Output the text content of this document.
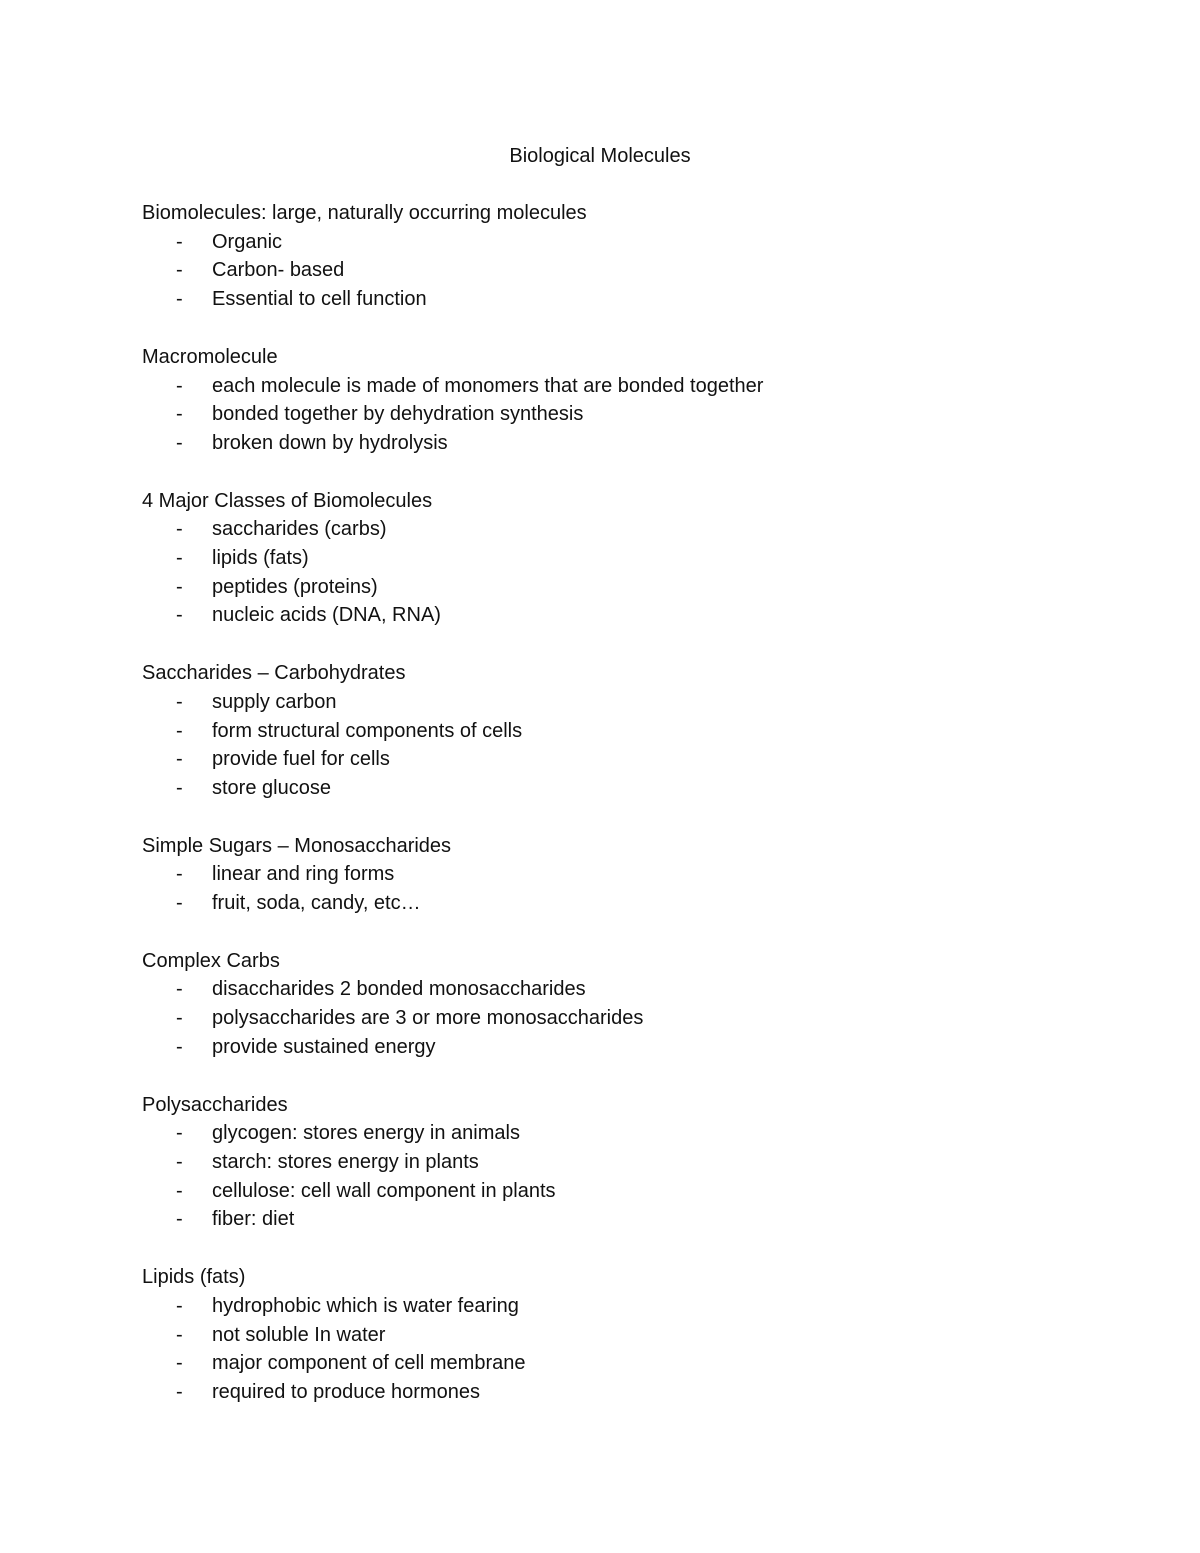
Biological Molecules
Biomolecules: large, naturally occurring molecules
- Organic
- Carbon- based
- Essential to cell function
Macromolecule
- each molecule is made of monomers that are bonded together
- bonded together by dehydration synthesis
- broken down by hydrolysis
4 Major Classes of Biomolecules
- saccharides (carbs)
- lipids (fats)
- peptides (proteins)
- nucleic acids (DNA, RNA)
Saccharides – Carbohydrates
- supply carbon
- form structural components of cells
- provide fuel for cells
- store glucose
Simple Sugars – Monosaccharides
- linear and ring forms
- fruit, soda, candy, etc…
Complex Carbs
- disaccharides 2 bonded monosaccharides
- polysaccharides are 3 or more monosaccharides
- provide sustained energy
Polysaccharides
- glycogen: stores energy in animals
- starch: stores energy in plants
- cellulose: cell wall component in plants
- fiber: diet
Lipids (fats)
- hydrophobic which is water fearing
- not soluble In water
- major component of cell membrane
- required to produce hormones
